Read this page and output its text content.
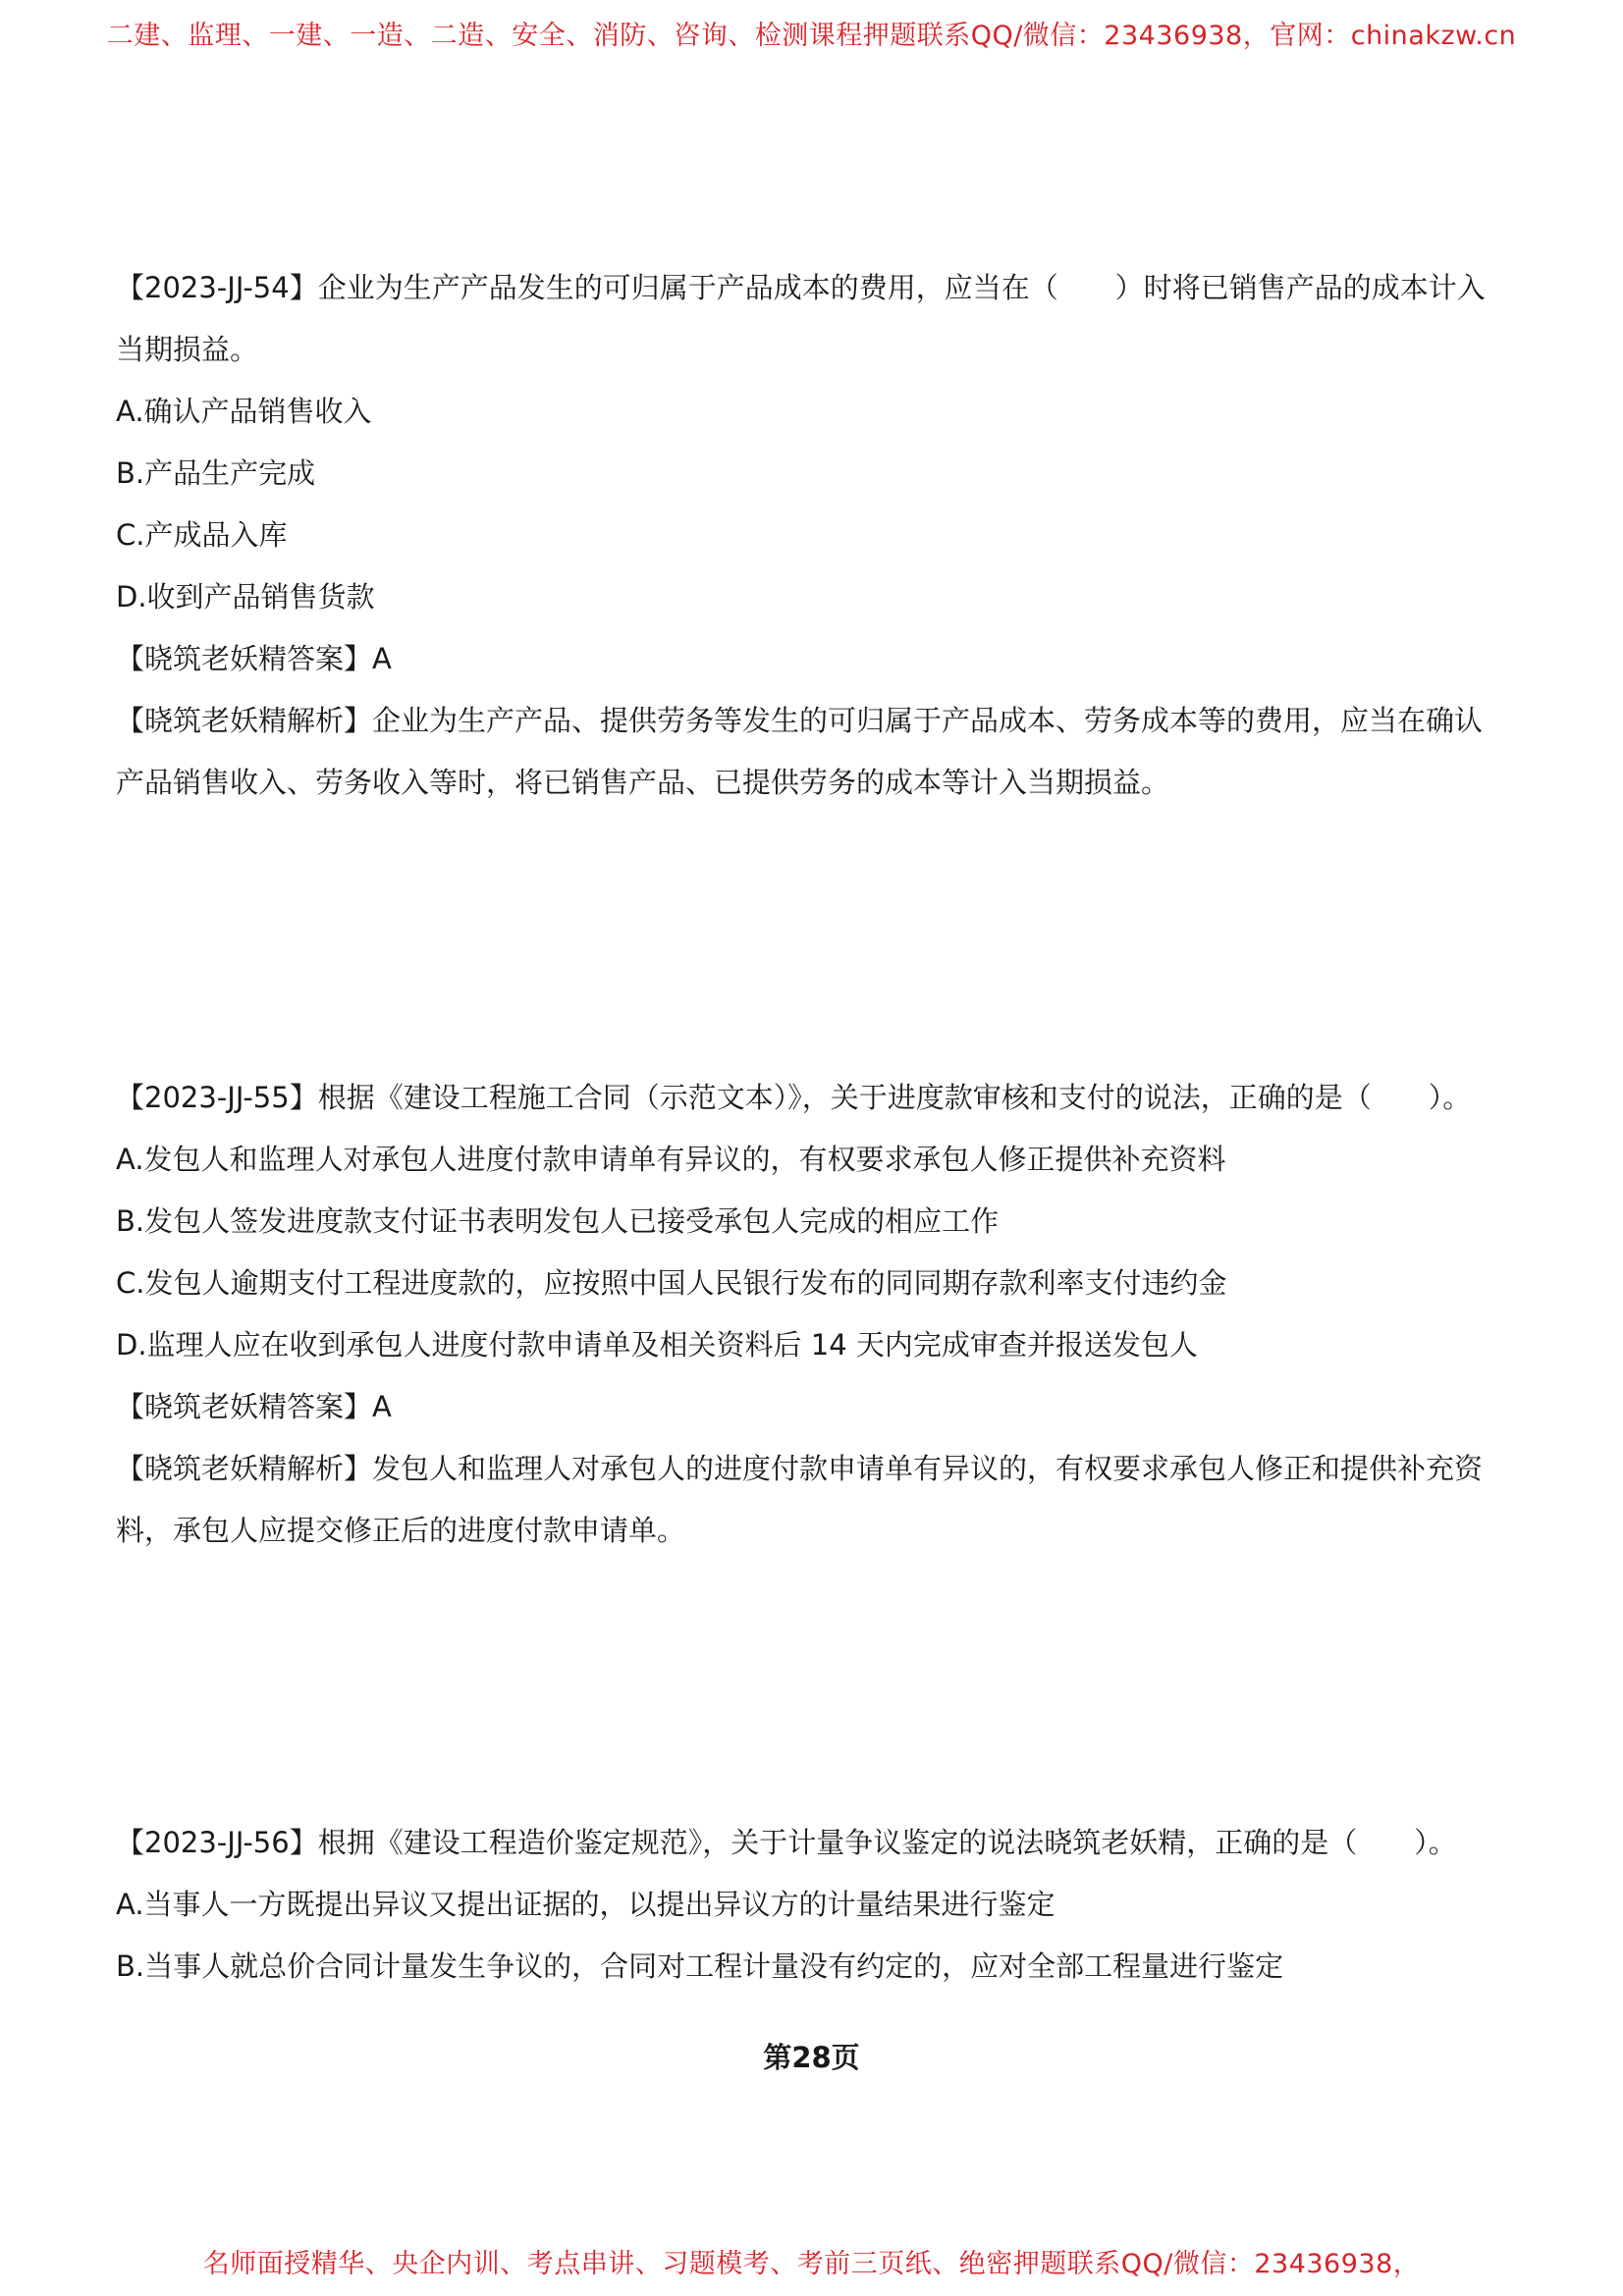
二建、监理、一建、一造、二造、安全、消防、咨询、检测课程押题联系QQ/微信：23436938，官网：chinakzw.cn
【2023-JJ-54】企业为生产产品发生的可归属于产品成本的费用，应当在（　　）时将已销售产品的成本计入
当期损益。
A.确认产品销售收入
B.产品生产完成
C.产成品入库
D.收到产品销售货款
【晓筑老妖精答案】A
【晓筑老妖精解析】企业为生产产品、提供劳务等发生的可归属于产品成本、劳务成本等的费用，应当在确认
产品销售收入、劳务收入等时，将已销售产品、已提供劳务的成本等计入当期损益。
【2023-JJ-55】根据《建设工程施工合同（示范文本）》，关于进度款审核和支付的说法，正确的是（　　）。
A.发包人和监理人对承包人进度付款申请单有异议的，有权要求承包人修正提供补充资料
B.发包人签发进度款支付证书表明发包人已接受承包人完成的相应工作
C.发包人逾期支付工程进度款的，应按照中国人民银行发布的同同期存款利率支付违约金
D.监理人应在收到承包人进度付款申请单及相关资料后 14 天内完成审查并报送发包人
【晓筑老妖精答案】A
【晓筑老妖精解析】发包人和监理人对承包人的进度付款申请单有异议的，有权要求承包人修正和提供补充资
料，承包人应提交修正后的进度付款申请单。
【2023-JJ-56】根拥《建设工程造价鉴定规范》，关于计量争议鉴定的说法晓筑老妖精，正确的是（　　）。
A.当事人一方既提出异议又提出证据的，以提出异议方的计量结果进行鉴定
B.当事人就总价合同计量发生争议的，合同对工程计量没有约定的，应对全部工程量进行鉴定
第28页
名师面授精华、央企内训、考点串讲、习题模考、考前三页纸、绝密押题联系QQ/微信：23436938，
